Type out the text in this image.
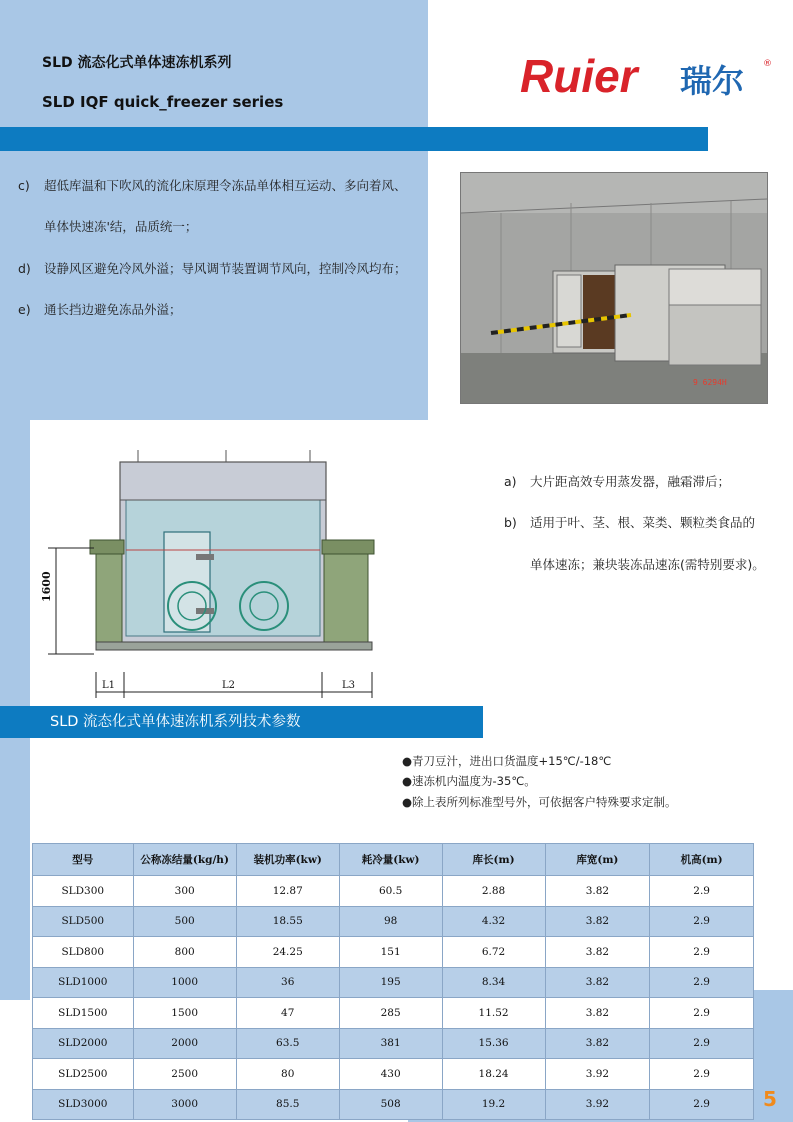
SLD 流态化式单体速冻机系列
SLD IQF quick_freezer series	Ruier 瑞尔 ®
c) 超低库温和下吹风的流化床原理令冻品单体相互运动、多向着风、
单体快速冻'结，品质统一；
d) 设静风区避免冷风外溢；导风调节装置调节风向，控制冷风均布；
e) 通长挡边避免冻品外溢；
9 6294H
1600
L1	L2	L3
a) 大片距高效专用蒸发器，融霜滞后；
b) 适用于叶、茎、根、菜类、颗粒类食品的
单体速冻；兼块装冻品速冻(需特别要求)。
SLD 流态化式单体速冻机系列技术参数
●青刀豆汁，进出口货温度+15℃/-18℃
●速冻机内温度为-35℃。
●除上表所列标准型号外，可依据客户特殊要求定制。
型号	公称冻结量(kg/h)	装机功率(kw)	耗冷量(kw)	库长(m)	库宽(m)	机高(m)
SLD300	300	12.87	60.5	2.88	3.82	2.9
SLD500	500	18.55	98	4.32	3.82	2.9
SLD800	800	24.25	151	6.72	3.82	2.9
SLD1000	1000	36	195	8.34	3.82	2.9
SLD1500	1500	47	285	11.52	3.82	2.9
SLD2000	2000	63.5	381	15.36	3.82	2.9
SLD2500	2500	80	430	18.24	3.92	2.9
SLD3000	3000	85.5	508	19.2	3.92	2.9	5
